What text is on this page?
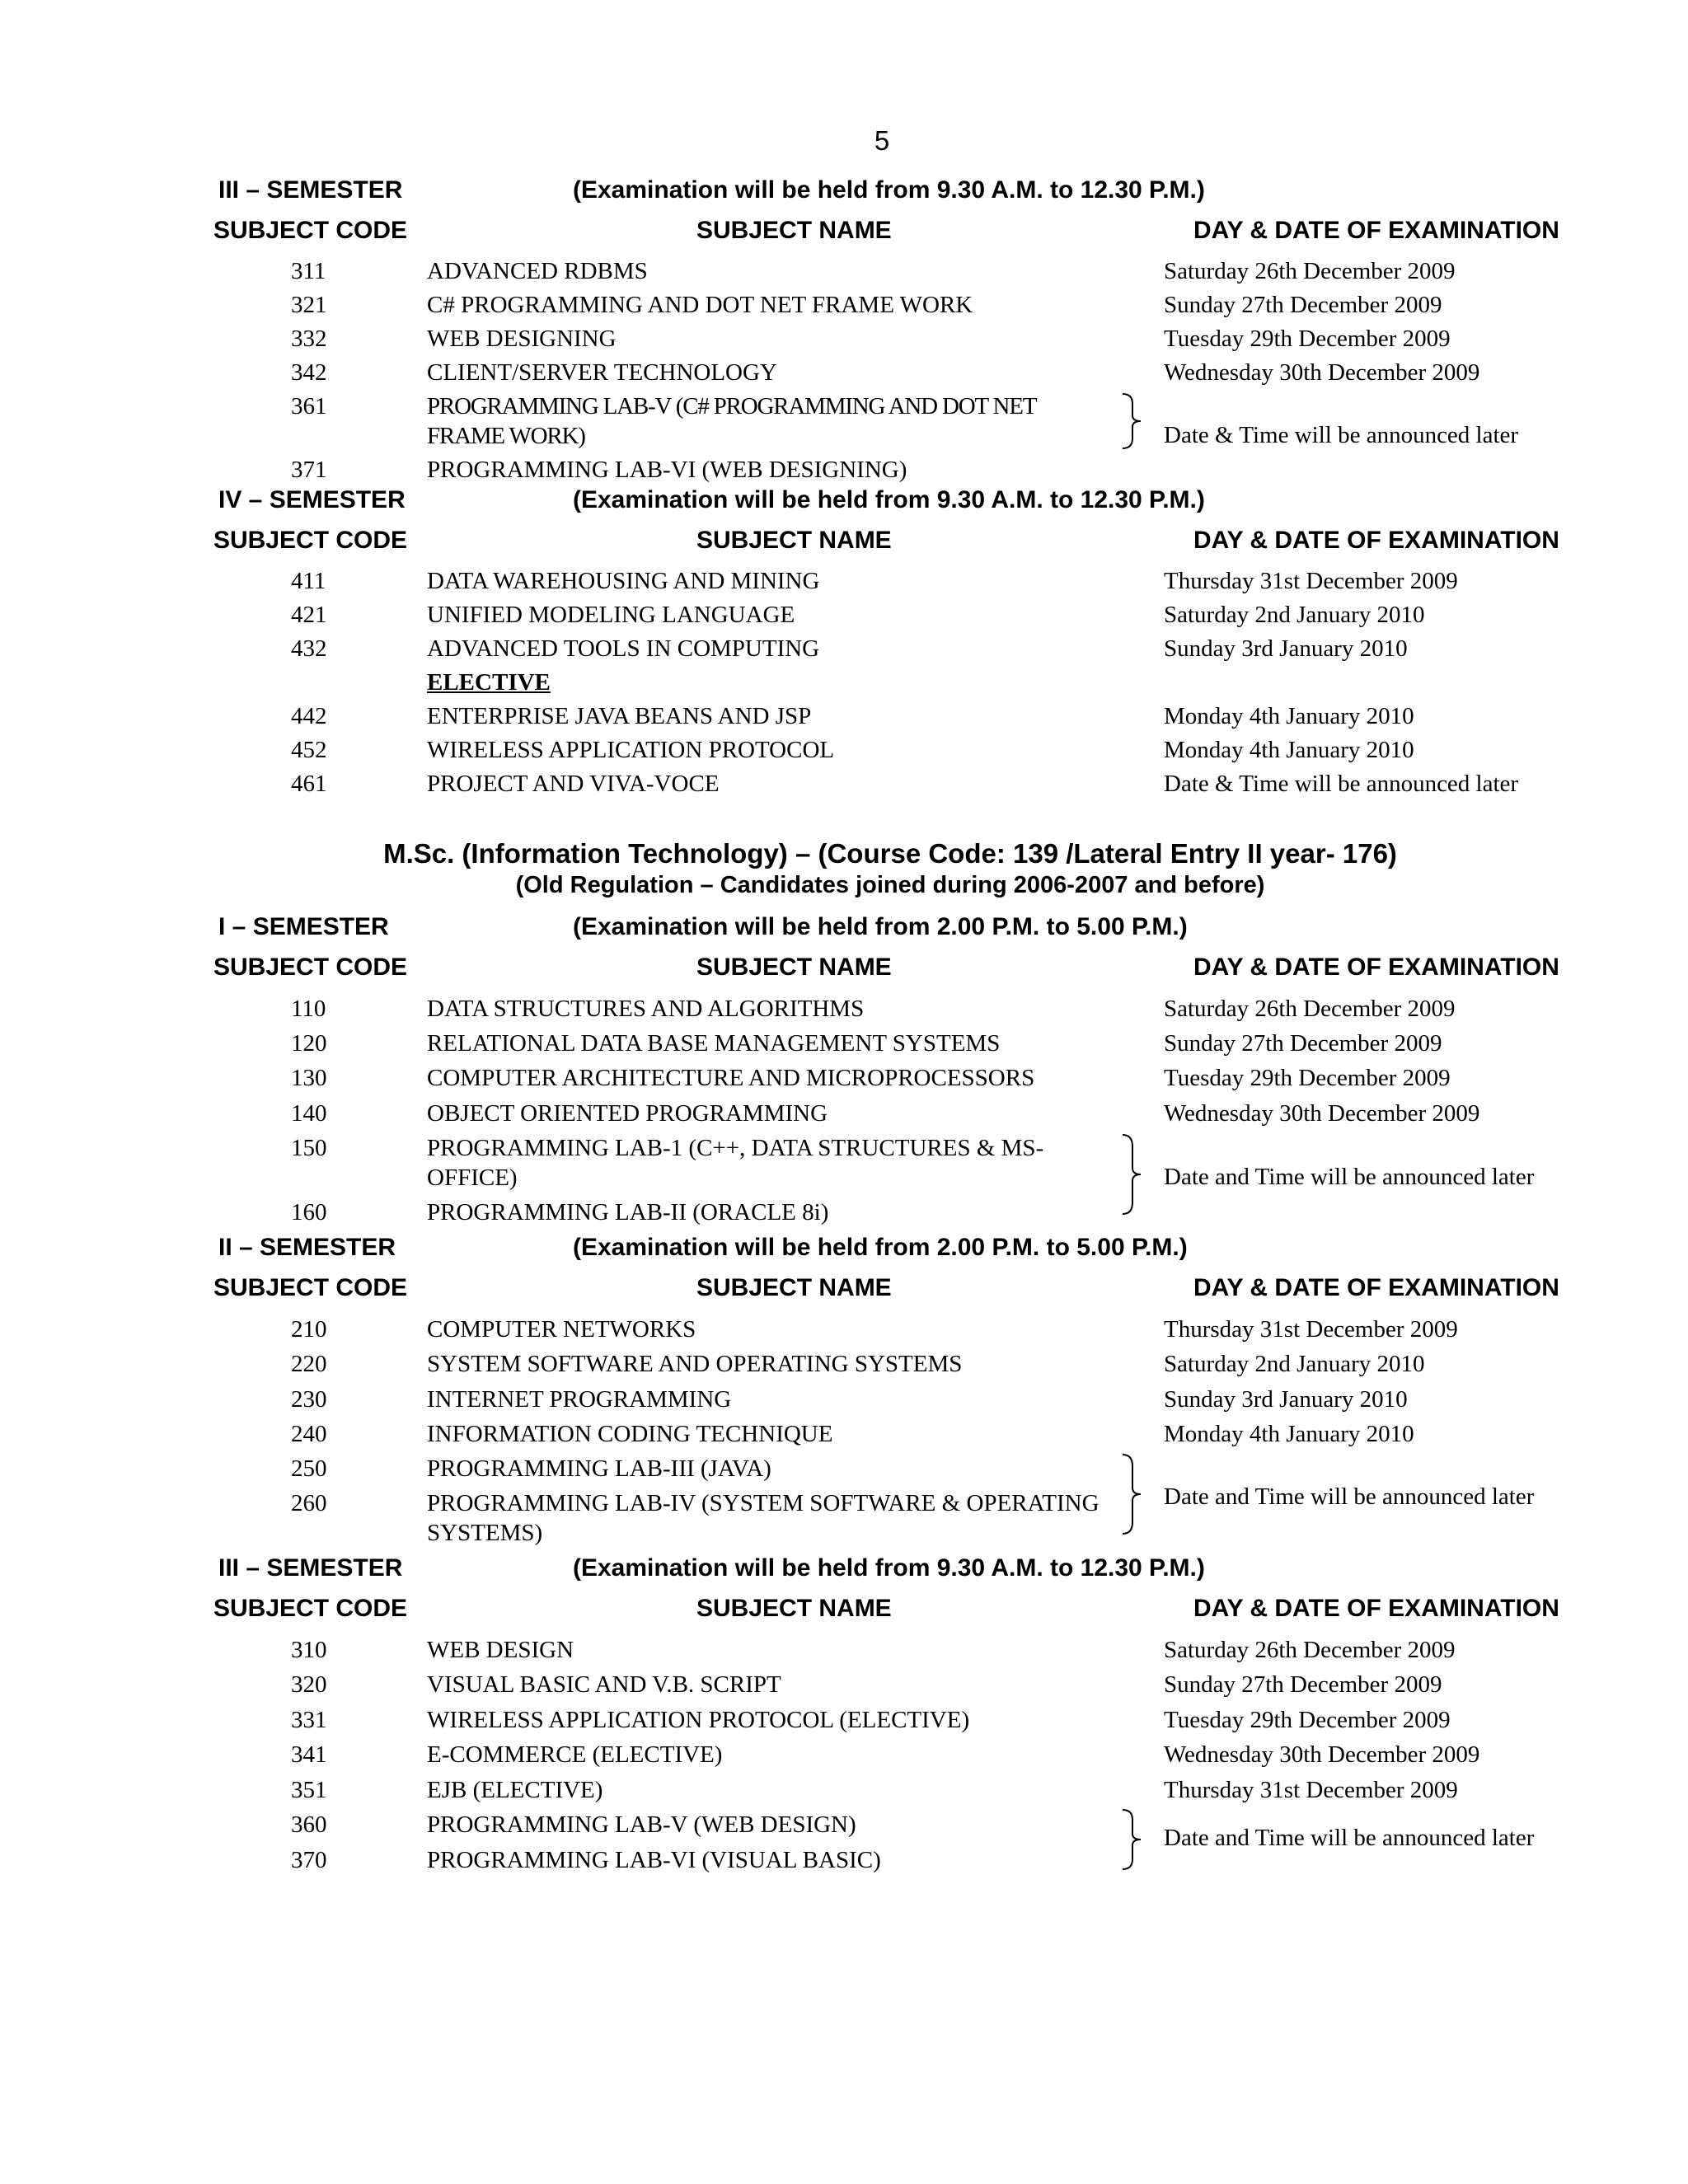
5
III – SEMESTER	(Examination will be held from 9.30 A.M. to 12.30 P.M.)
SUBJECT CODE	SUBJECT NAME	DAY & DATE OF EXAMINATION
311	ADVANCED RDBMS	Saturday 26th December 2009
321	C# PROGRAMMING AND DOT NET FRAME WORK	Sunday 27th December 2009
332	WEB DESIGNING	Tuesday 29th December 2009
342	CLIENT/SERVER TECHNOLOGY	Wednesday 30th December 2009
361	PROGRAMMING LAB-V (C# PROGRAMMING AND DOT NET
FRAME WORK)
371	PROGRAMMING LAB-VI (WEB DESIGNING)
Date & Time will be announced later
IV – SEMESTER	(Examination will be held from 9.30 A.M. to 12.30 P.M.)
SUBJECT CODE	SUBJECT NAME	DAY & DATE OF EXAMINATION
411	DATA WAREHOUSING AND MINING	Thursday 31st December 2009
421	UNIFIED MODELING LANGUAGE	Saturday 2nd January 2010
432	ADVANCED TOOLS IN COMPUTING	Sunday 3rd January 2010
ELECTIVE
442	ENTERPRISE JAVA BEANS AND JSP	Monday 4th January 2010
452	WIRELESS APPLICATION PROTOCOL	Monday 4th January 2010
461	PROJECT AND VIVA-VOCE	Date & Time will be announced later
M.Sc. (Information Technology) – (Course Code: 139 /Lateral Entry II year- 176)
(Old Regulation – Candidates joined during 2006-2007 and before)
I – SEMESTER	(Examination will be held from 2.00 P.M. to 5.00 P.M.)
SUBJECT CODE	SUBJECT NAME	DAY & DATE OF EXAMINATION
110	DATA STRUCTURES AND ALGORITHMS	Saturday 26th December 2009
120	RELATIONAL DATA BASE MANAGEMENT SYSTEMS	Sunday 27th December 2009
130	COMPUTER ARCHITECTURE AND MICROPROCESSORS	Tuesday 29th December 2009
140	OBJECT ORIENTED PROGRAMMING	Wednesday 30th December 2009
150	PROGRAMMING LAB-1 (C++, DATA STRUCTURES & MS-
OFFICE)
160	PROGRAMMING LAB-II (ORACLE 8i)
Date and Time will be announced later
II – SEMESTER	(Examination will be held from 2.00 P.M. to 5.00 P.M.)
SUBJECT CODE	SUBJECT NAME	DAY & DATE OF EXAMINATION
210	COMPUTER NETWORKS	Thursday 31st December 2009
220	SYSTEM SOFTWARE AND OPERATING SYSTEMS	Saturday 2nd January 2010
230	INTERNET PROGRAMMING	Sunday 3rd January 2010
240	INFORMATION CODING TECHNIQUE	Monday 4th January 2010
250	PROGRAMMING LAB-III (JAVA)
260	PROGRAMMING LAB-IV (SYSTEM SOFTWARE & OPERATING
SYSTEMS)
Date and Time will be announced later
III – SEMESTER	(Examination will be held from 9.30 A.M. to 12.30 P.M.)
SUBJECT CODE	SUBJECT NAME	DAY & DATE OF EXAMINATION
310	WEB DESIGN	Saturday 26th December 2009
320	VISUAL BASIC AND V.B. SCRIPT	Sunday 27th December 2009
331	WIRELESS APPLICATION PROTOCOL (ELECTIVE)	Tuesday 29th December 2009
341	E-COMMERCE (ELECTIVE)	Wednesday 30th December 2009
351	EJB (ELECTIVE)	Thursday 31st December 2009
360	PROGRAMMING LAB-V (WEB DESIGN)
370	PROGRAMMING LAB-VI (VISUAL BASIC)
Date and Time will be announced later
